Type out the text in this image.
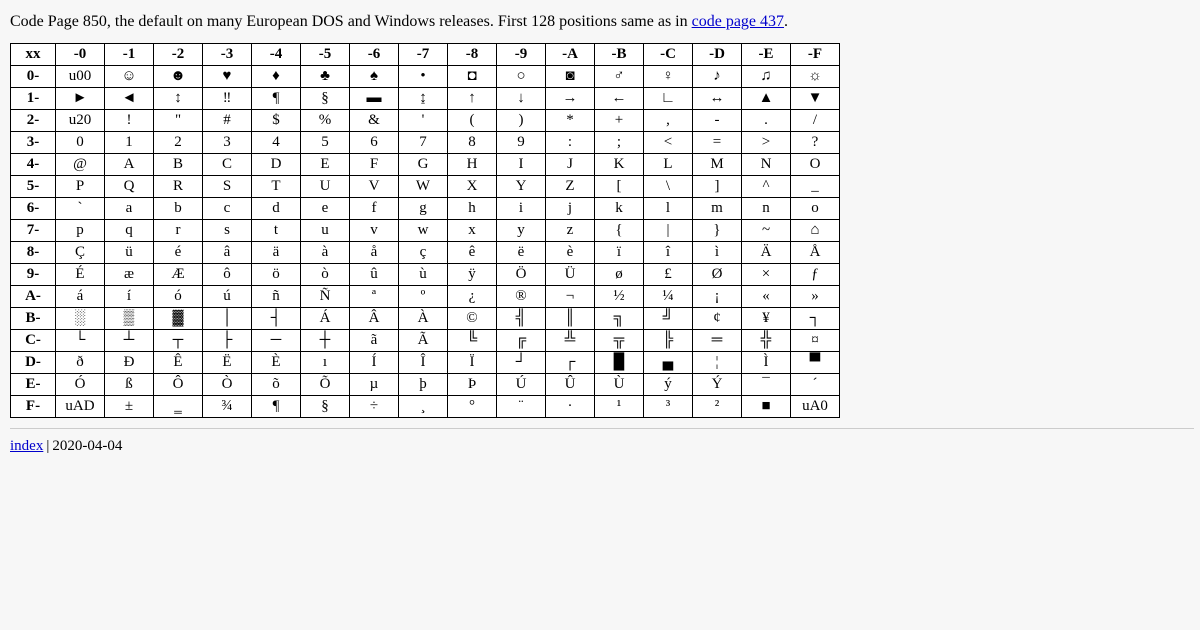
Code Page 850, the default on many European DOS and Windows releases. First 128 positions same as in code page 437.

xx	-0	-1	-2	-3	-4	-5	-6	-7	-8	-9	-A	-B	-C	-D	-E	-F
0-	u00	☺	☻	♥	♦	♣	♠	•	◘	○	◙	♂	♀	♪	♫	☼
1-	►	◄	↕	‼	¶	§	▬	↨	↑	↓	→	←	∟	↔	▲	▼
2-	u20	!	"	#	$	%	&	'	(	)	*	+	,	-	.	/
3-	0	1	2	3	4	5	6	7	8	9	:	;	<	=	>	?
4-	@	A	B	C	D	E	F	G	H	I	J	K	L	M	N	O
5-	P	Q	R	S	T	U	V	W	X	Y	Z	[	\	]	^	_
6-	`	a	b	c	d	e	f	g	h	i	j	k	l	m	n	o
7-	p	q	r	s	t	u	v	w	x	y	z	{	|	}	~	⌂
8-	Ç	ü	é	â	ä	à	å	ç	ê	ë	è	ï	î	ì	Ä	Å
9-	É	æ	Æ	ô	ö	ò	û	ù	ÿ	Ö	Ü	ø	£	Ø	×	ƒ
A-	á	í	ó	ú	ñ	Ñ	ª	º	¿	®	¬	½	¼	¡	«	»
B-	░	▒	▓	│	┤	Á	Â	À	©	╣	║	╗	╝	¢	¥	┐
C-	└	┴	┬	├	─	┼	ã	Ã	╚	╔	╩	╦	╠	═	╬	¤
D-	ð	Ð	Ê	Ë	È	ı	Í	Î	Ï	┘	┌	█	▄	¦	Ì	▀
E-	Ó	ß	Ô	Ò	õ	Õ	µ	þ	Þ	Ú	Û	Ù	ý	Ý	¯	´
F-	uAD	±	‗	¾	¶	§	÷	¸	°	¨	·	¹	³	²	■	uA0
index | 2020-04-04
